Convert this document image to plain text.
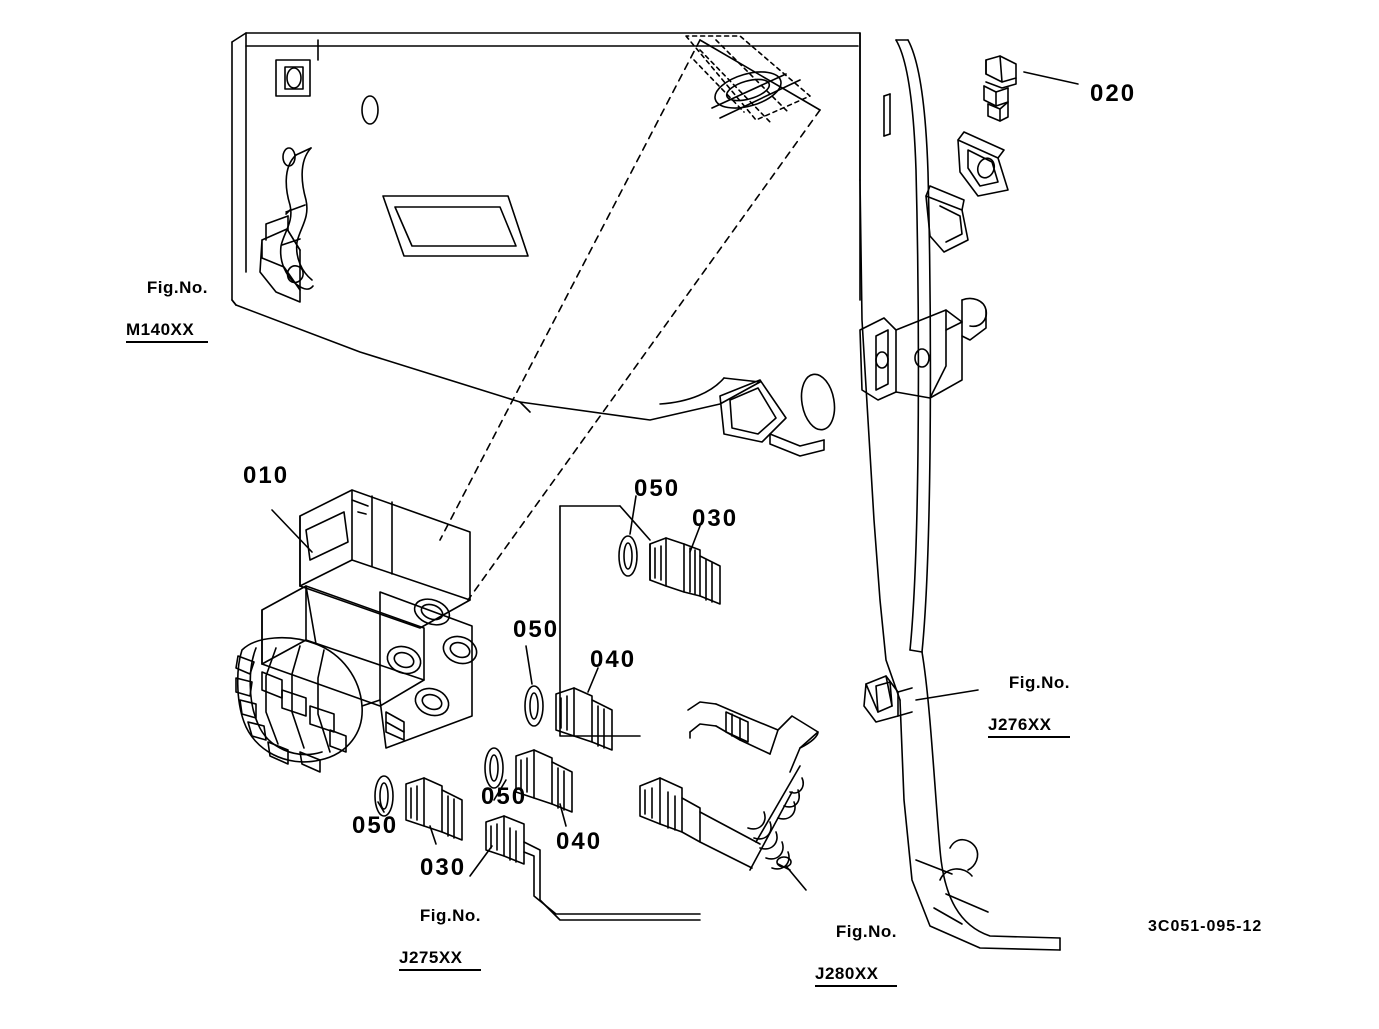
020
010	050
030
050
040
050
050
030
040

Fig.No.

M140XX

Fig.No.

J276XX

Fig.No.

J275XX

Fig.No.

J280XX

3C051-095-12
